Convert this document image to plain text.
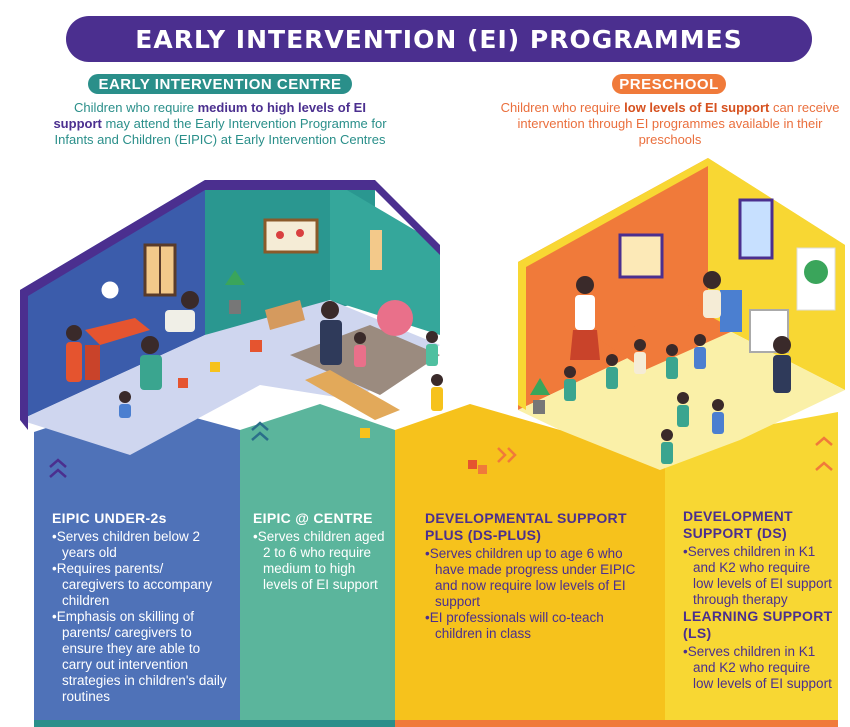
EARLY INTERVENTION (EI) PROGRAMMES
EARLY INTERVENTION CENTRE	PRESCHOOL
Children who require medium to high levels of EI support may attend the Early Intervention Programme for Infants and Children (EIPIC) at Early Intervention Centres
Children who require low levels of EI support can receive intervention through EI programmes available in their preschools
EIPIC UNDER-2s
• Serves children below 2 years old
• Requires parents/ caregivers to accompany children
• Emphasis on skilling of parents/ caregivers to ensure they are able to carry out intervention strategies in children's daily routines
EIPIC @ CENTRE
• Serves children aged 2 to 6 who require medium to high levels of EI support
DEVELOPMENTAL SUPPORT PLUS (DS-PLUS)
• Serves children up to age 6 who have made progress under EIPIC and now require low levels of EI support
• EI professionals will co-teach children in class
DEVELOPMENT SUPPORT (DS)
• Serves children in K1 and K2 who require low levels of EI support through therapy
LEARNING SUPPORT (LS)
• Serves children in K1 and K2 who require low levels of EI support
